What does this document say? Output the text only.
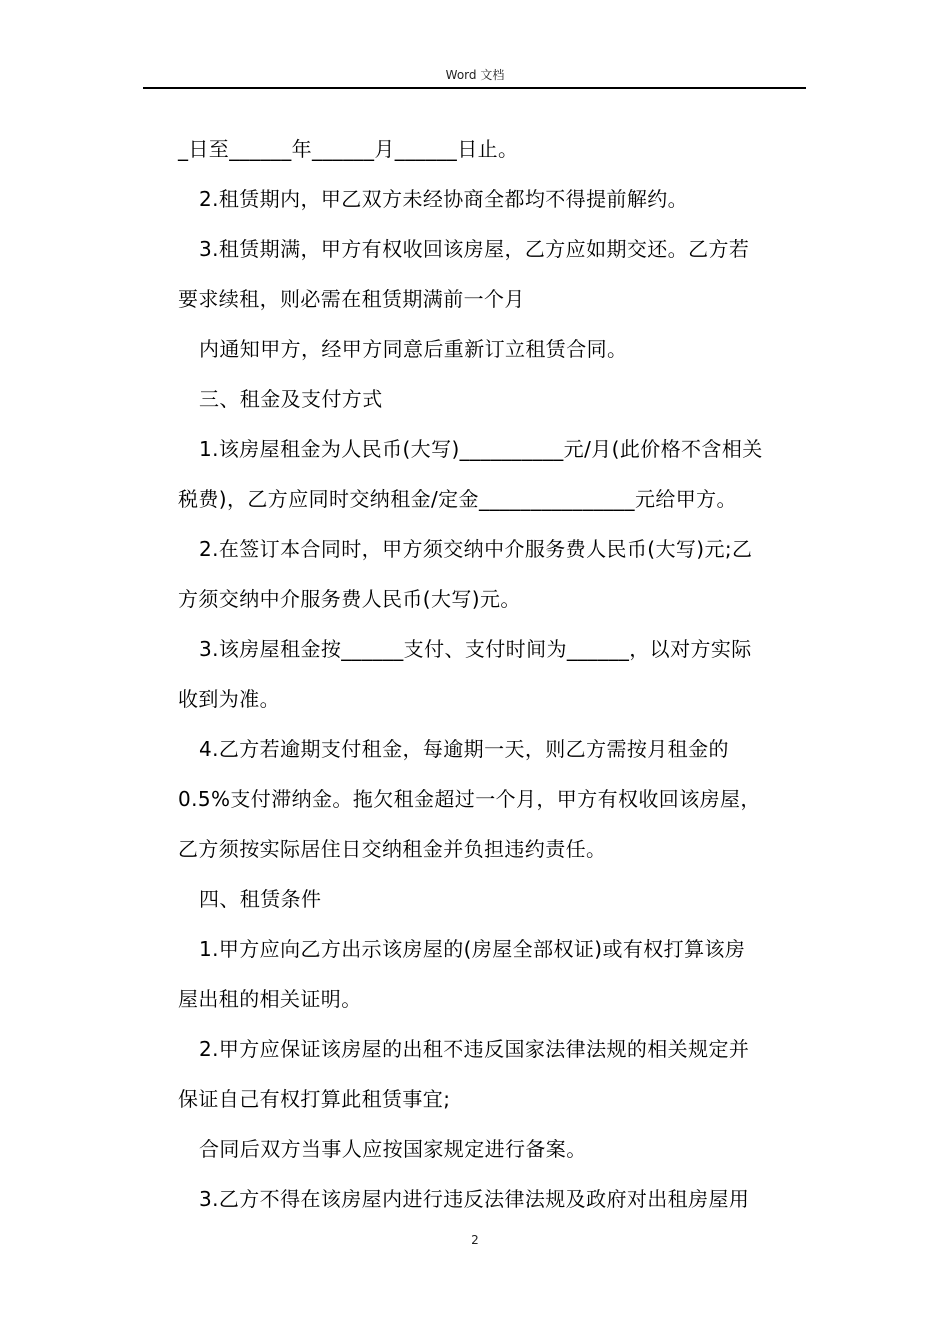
Word 文档
_日至______年______月______日止。
2.租赁期内，甲乙双方未经协商全都均不得提前解约。
3.租赁期满，甲方有权收回该房屋，乙方应如期交还。乙方若
要求续租，则必需在租赁期满前一个月
内通知甲方，经甲方同意后重新订立租赁合同。
三、租金及支付方式
1.该房屋租金为人民币(大写)__________元/月(此价格不含相关
税费)，乙方应同时交纳租金/定金_______________元给甲方。
2.在签订本合同时，甲方须交纳中介服务费人民币(大写)元;乙
方须交纳中介服务费人民币(大写)元。
3.该房屋租金按______支付、支付时间为______，以对方实际
收到为准。
4.乙方若逾期支付租金，每逾期一天，则乙方需按月租金的
0.5%支付滞纳金。拖欠租金超过一个月，甲方有权收回该房屋，
乙方须按实际居住日交纳租金并负担违约责任。
四、租赁条件
1.甲方应向乙方出示该房屋的(房屋全部权证)或有权打算该房
屋出租的相关证明。
2.甲方应保证该房屋的出租不违反国家法律法规的相关规定并
保证自己有权打算此租赁事宜;
合同后双方当事人应按国家规定进行备案。
3.乙方不得在该房屋内进行违反法律法规及政府对出租房屋用
2
